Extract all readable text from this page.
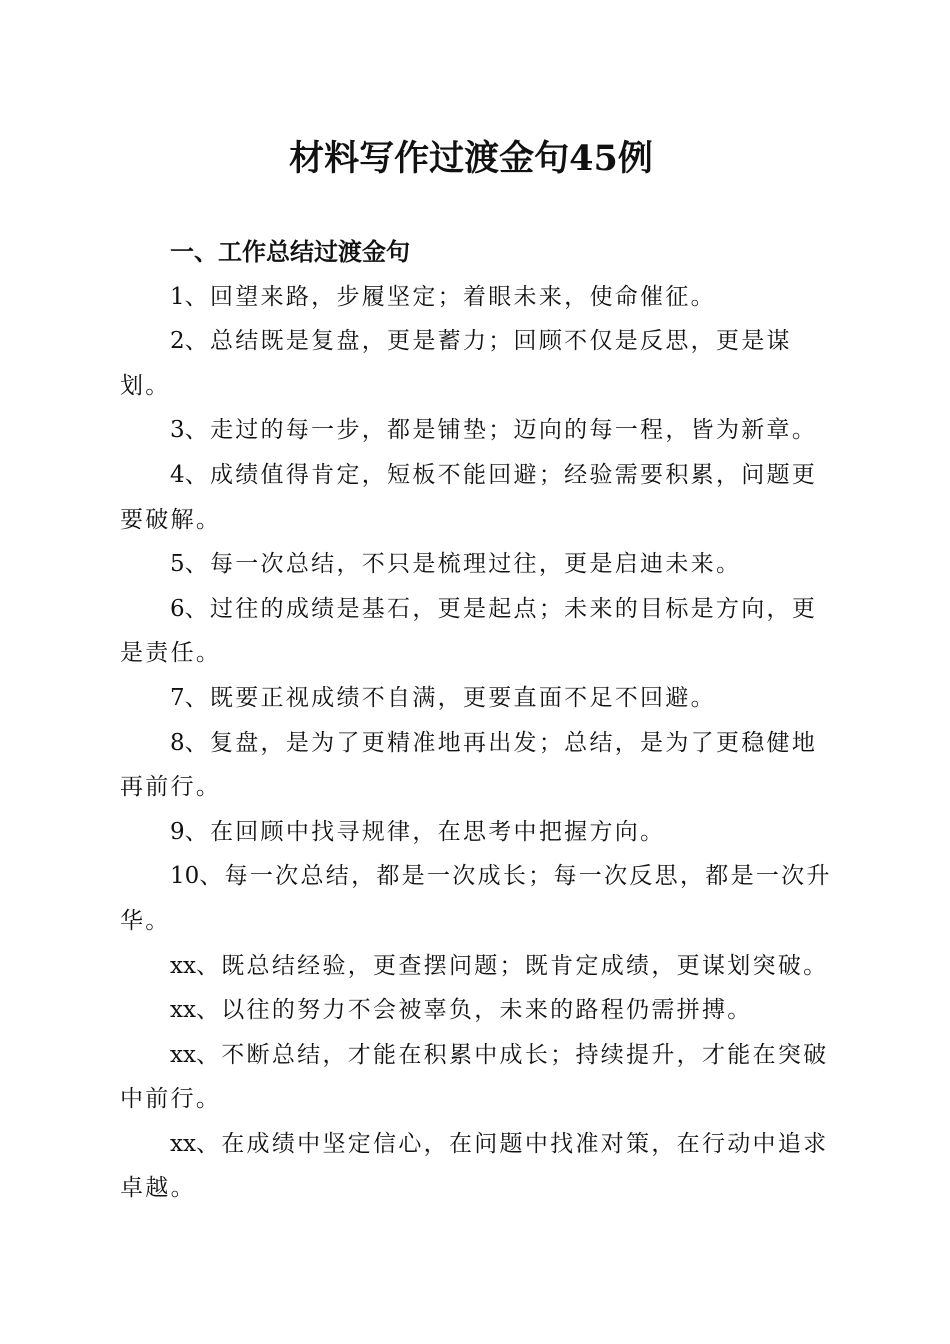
材料写作过渡金句45例

一、工作总结过渡金句

1、回望来路，步履坚定；着眼未来，使命催征。

2、总结既是复盘，更是蓄力；回顾不仅是反思，更是谋划。

3、走过的每一步，都是铺垫；迈向的每一程，皆为新章。

4、成绩值得肯定，短板不能回避；经验需要积累，问题更要破解。

5、每一次总结，不只是梳理过往，更是启迪未来。

6、过往的成绩是基石，更是起点；未来的目标是方向，更是责任。

7、既要正视成绩不自满，更要直面不足不回避。

8、复盘，是为了更精准地再出发；总结，是为了更稳健地再前行。

9、在回顾中找寻规律，在思考中把握方向。

10、每一次总结，都是一次成长；每一次反思，都是一次升华。

xx、既总结经验，更查摆问题；既肯定成绩，更谋划突破。

xx、以往的努力不会被辜负，未来的路程仍需拼搏。

xx、不断总结，才能在积累中成长；持续提升，才能在突破中前行。

xx、在成绩中坚定信心，在问题中找准对策，在行动中追求卓越。
